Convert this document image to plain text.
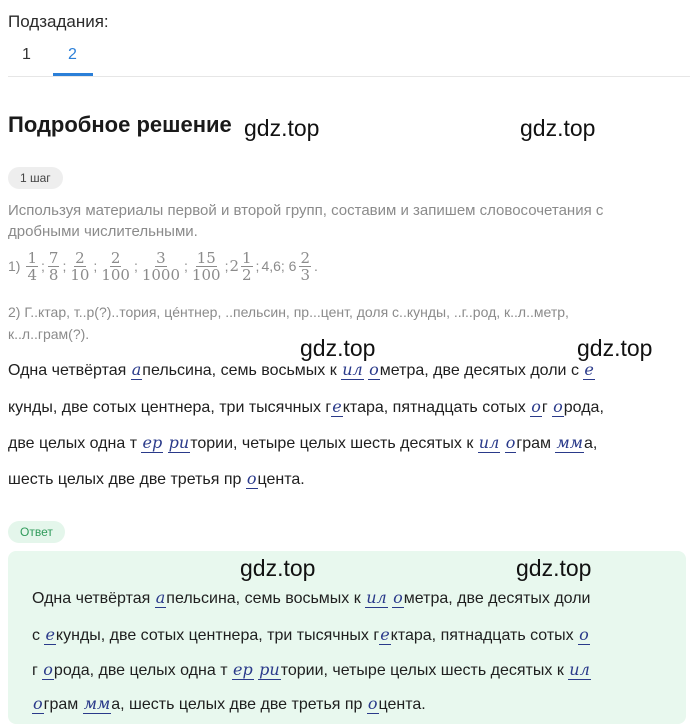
Подзадания:
1 2
Подробное решение gdz.top	gdz.top
gdz.top	gdz.top
gdz.top	gdz.top
1 шаг
Используя материалы первой и второй групп, составим и запишем словосочетания с
дробными числительными.
$1) \frac{1}{4}$ ; $\frac{7}{8}$ ; $\frac{2}{10}$ ; $\frac{2}{100}$ ; $\frac{3}{1000}$ ; $\frac{15}{100}$ ; $2 \frac{1}{2}$ ; 4,6; $6 \frac{2}{3}$ .
2) Г..ктар, т..р(?)..тория, цéнтнер, ..пельсин, пр...цент, доля с..кунды, ..г..род, к..л..метр,
к..л..грам(?).
Одна четвёртая апельсина, семь восьмых к ил ометра, две десятых доли с е
кунды, две сотых центнера, три тысячных гектара, пятнадцать сотых ог орода,
две целых одна т ер ритории, четыре целых шесть десятых к ил ограм мма,
шесть целых две две третья пр оцента.
Ответ
Одна четвёртая апельсина, семь восьмых к ил ометра, две десятых доли
с екунды, две сотых центнера, три тысячных гектара, пятнадцать сотых о
г орода, две целых одна т ер ритории, четыре целых шесть десятых к ил
ограм мма, шесть целых две две третья пр оцента.
